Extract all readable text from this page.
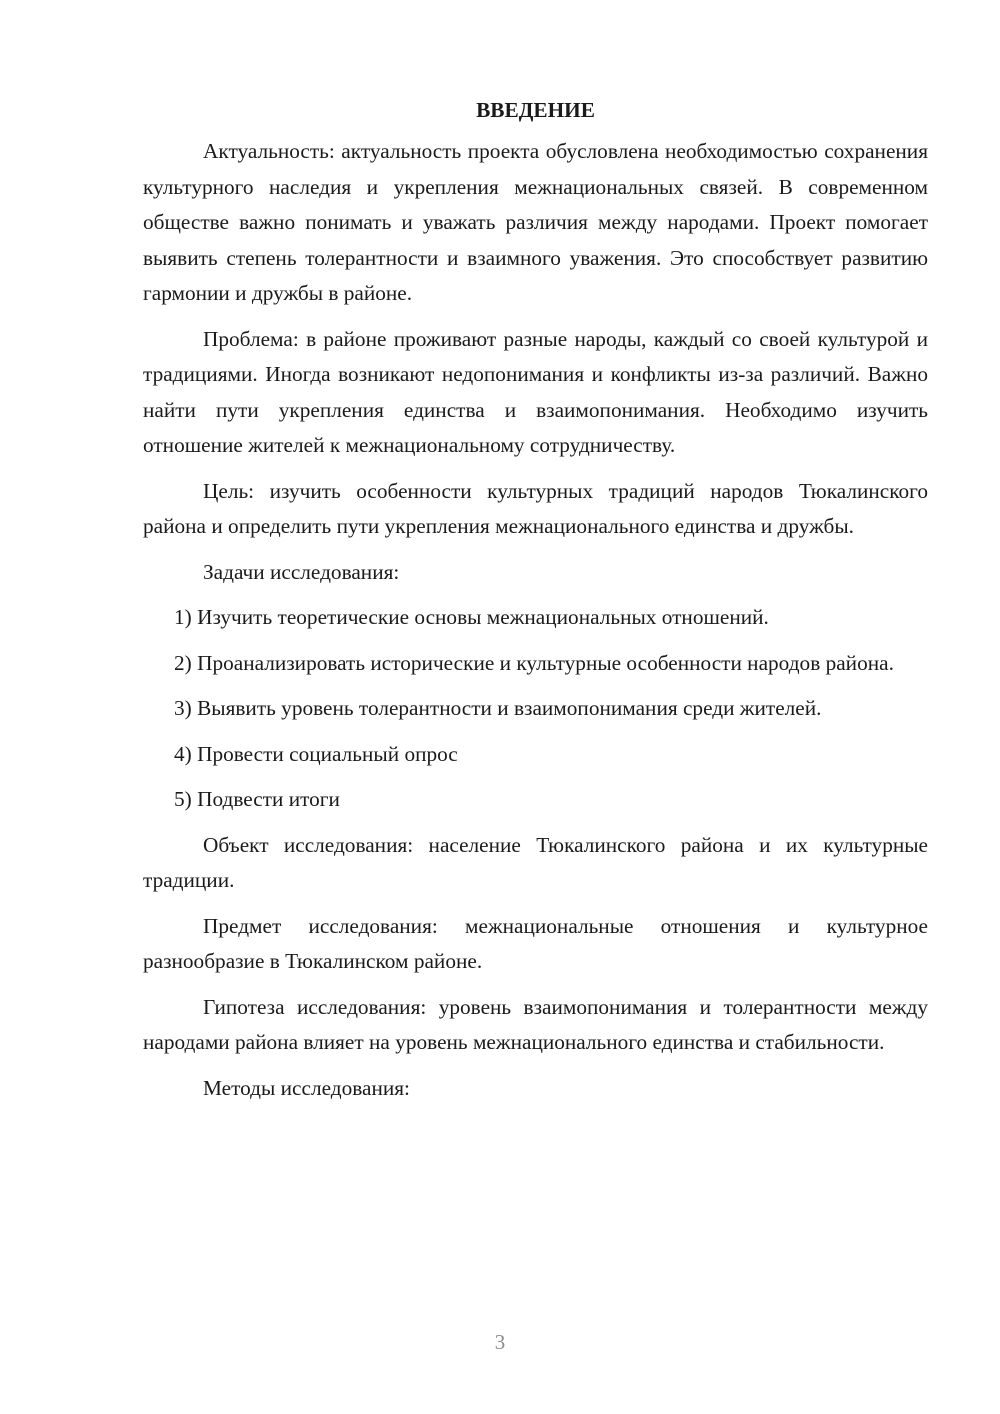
ВВЕДЕНИЕ

Актуальность: актуальность проекта обусловлена необходимостью сохранения культурного наследия и укрепления межнациональных связей. В современном обществе важно понимать и уважать различия между народами. Проект помогает выявить степень толерантности и взаимного уважения. Это способствует развитию гармонии и дружбы в районе.

Проблема: в районе проживают разные народы, каждый со своей культурой и традициями. Иногда возникают недопонимания и конфликты из-за различий. Важно найти пути укрепления единства и взаимопонимания. Необходимо изучить отношение жителей к межнациональному сотрудничеству.

Цель: изучить особенности культурных традиций народов Тюкалинского района и определить пути укрепления межнационального единства и дружбы.

Задачи исследования:

1) Изучить теоретические основы межнациональных отношений.

2) Проанализировать исторические и культурные особенности народов района.

3) Выявить уровень толерантности и взаимопонимания среди жителей.

4) Провести социальный опрос

5) Подвести итоги

Объект исследования: население Тюкалинского района и их культурные традиции.

Предмет исследования: межнациональные отношения и культурное разнообразие в Тюкалинском районе.

Гипотеза исследования: уровень взаимопонимания и толерантности между народами района влияет на уровень межнационального единства и стабильности.

Методы исследования:

3
